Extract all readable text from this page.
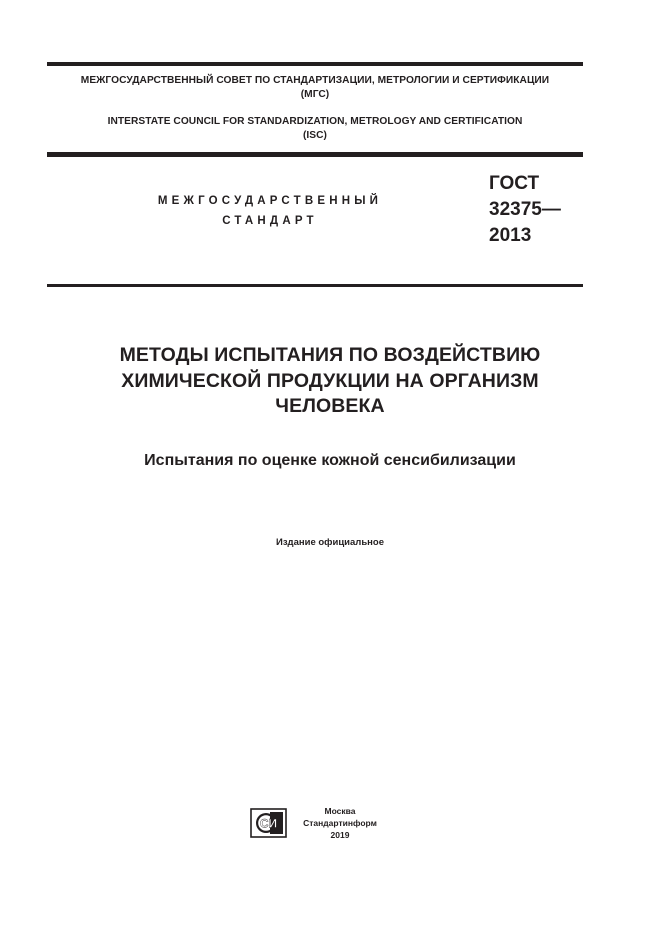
МЕЖГОСУДАРСТВЕННЫЙ СОВЕТ ПО СТАНДАРТИЗАЦИИ, МЕТРОЛОГИИ И СЕРТИФИКАЦИИ
(МГС)
INTERSTATE COUNCIL FOR STANDARDIZATION, METROLOGY AND CERTIFICATION
(ISC)
МЕЖГОСУДАРСТВЕННЫЙ
СТАНДАРТ
ГОСТ
32375—
2013
МЕТОДЫ ИСПЫТАНИЯ ПО ВОЗДЕЙСТВИЮ
ХИМИЧЕСКОЙ ПРОДУКЦИИ НА ОРГАНИЗМ
ЧЕЛОВЕКА
Испытания по оценке кожной сенсибилизации
Издание официальное
СИ
Москва
Стандартинформ
2019
